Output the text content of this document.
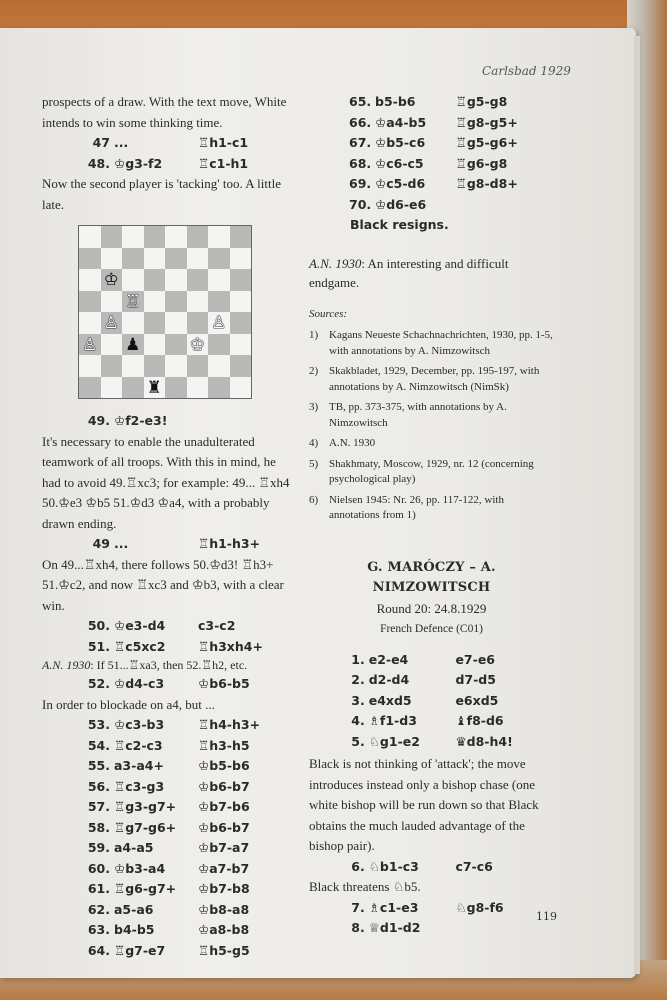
Carlsbad 1929

prospects of a draw. With the text move, White intends to win some thinking time.

47 ...	♖h1-c1
48. ♔g3-f2	♖c1-h1

Now the second player is 'tacking' too. A little late.

♔
♖
♙	♙
♙ ♟	♔
♜
49. ♔f2-e3!

It's necessary to enable the unadulterated teamwork of all troops. With this in mind, he had to avoid 49.♖xc3; for example: 49... ♖xh4 50.♔e3 ♔b5 51.♔d3 ♔a4, with a probably drawn ending.

49 ...	♖h1-h3+

On 49...♖xh4, there follows 50.♔d3! ♖h3+ 51.♔c2, and now ♖xc3 and ♔b3, with a clear win.

50. ♔e3-d4	c3-c2
51. ♖c5xc2	♖h3xh4+

A.N. 1930: If 51...♖xa3, then 52.♖h2, etc.

52. ♔d4-c3	♔b6-b5

In order to blockade on a4, but ...

53. ♔c3-b3	♖h4-h3+
54. ♖c2-c3	♖h3-h5
55. a3-a4+	♔b5-b6
56. ♖c3-g3	♔b6-b7
57. ♖g3-g7+	♔b7-b6
58. ♖g7-g6+	♔b6-b7
59. a4-a5	♔b7-a7
60. ♔b3-a4	♔a7-b7
61. ♖g6-g7+	♔b7-b8
62. a5-a6	♔b8-a8
63. b4-b5	♔a8-b8
64. ♖g7-e7	♖h5-g5
65. b5-b6	♖g5-g8
66. ♔a4-b5	♖g8-g5+
67. ♔b5-c6	♖g5-g6+
68. ♔c6-c5	♖g6-g8
69. ♔c5-d6	♖g8-d8+
70. ♔d6-e6
Black resigns.

A.N. 1930: An interesting and difficult endgame.

Sources:
1) Kagans Neueste Schachnachrichten, 1930, pp. 1-5, with annotations by A. Nimzowitsch
2) Skakbladet, 1929, December, pp. 195-197, with annotations by A. Nimzowitsch (NimSk)
3) TB, pp. 373-375, with annotations by A. Nimzowitsch
4) A.N. 1930
5) Shakhmaty, Moscow, 1929, nr. 12 (concerning psychological play)
6) Nielsen 1945: Nr. 26, pp. 117-122, with annotations from 1)
G. MARÓCZY – A. NIMZOWITSCH
Round 20: 24.8.1929
French Defence (C01)
1. e2-e4	e7-e6
2. d2-d4	d7-d5
3. e4xd5	e6xd5
4. ♗f1-d3	♝f8-d6
5. ♘g1-e2	♛d8-h4!

Black is not thinking of 'attack'; the move introduces instead only a bishop chase (one white bishop will be run down so that Black obtains the much lauded advantage of the bishop pair).

6. ♘b1-c3	c7-c6

Black threatens ♘b5.

7. ♗c1-e3	♘g8-f6
8. ♕d1-d2
119
